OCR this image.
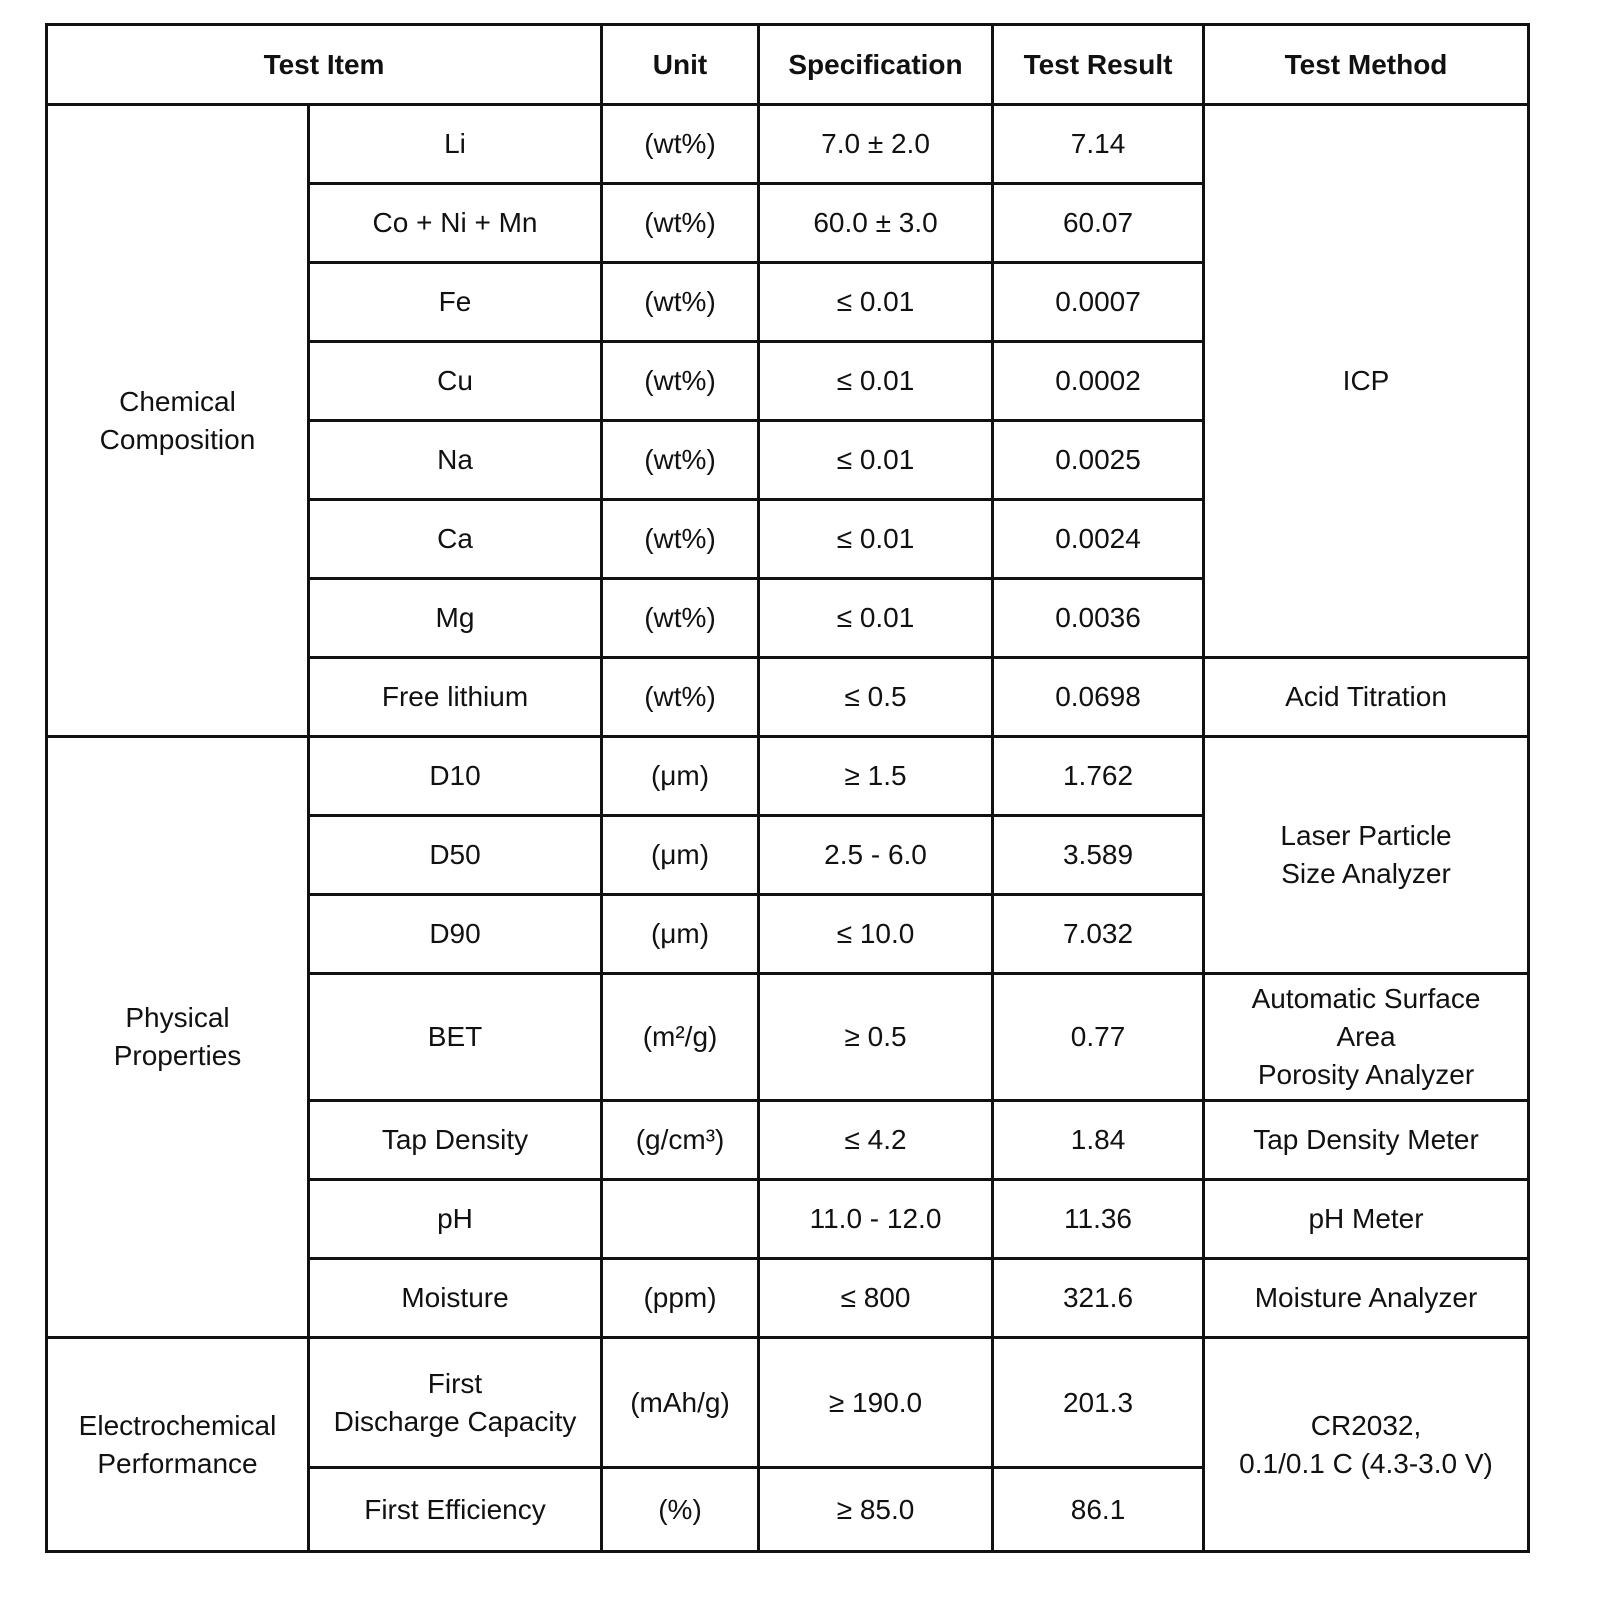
Test Item		Unit	Specification	Test Result	Test Method
Chemical
Composition	Li	(wt%)	7.0 ± 2.0	7.14	ICP
	Co + Ni + Mn	(wt%)	60.0 ± 3.0	60.07	
	Fe	(wt%)	≤ 0.01	0.0007	
	Cu	(wt%)	≤ 0.01	0.0002	
	Na	(wt%)	≤ 0.01	0.0025	
	Ca	(wt%)	≤ 0.01	0.0024	
	Mg	(wt%)	≤ 0.01	0.0036	
	Free lithium	(wt%)	≤ 0.5	0.0698	Acid Titration
Physical
Properties	D10	(μm)	≥ 1.5	1.762	Laser Particle
Size Analyzer
	D50	(μm)	2.5 - 6.0	3.589	
	D90	(μm)	≤ 10.0	7.032	
	BET	(m²/g)	≥ 0.5	0.77	Automatic Surface
Area
Porosity Analyzer
	Tap Density	(g/cm³)	≤ 4.2	1.84	Tap Density Meter
	pH		11.0 - 12.0	11.36	pH Meter
	Moisture	(ppm)	≤ 800	321.6	Moisture Analyzer
Electrochemical
Performance	First
Discharge Capacity	(mAh/g)	≥ 190.0	201.3	CR2032,
0.1/0.1 C (4.3-3.0 V)
	First Efficiency	(%)	≥ 85.0	86.1	
